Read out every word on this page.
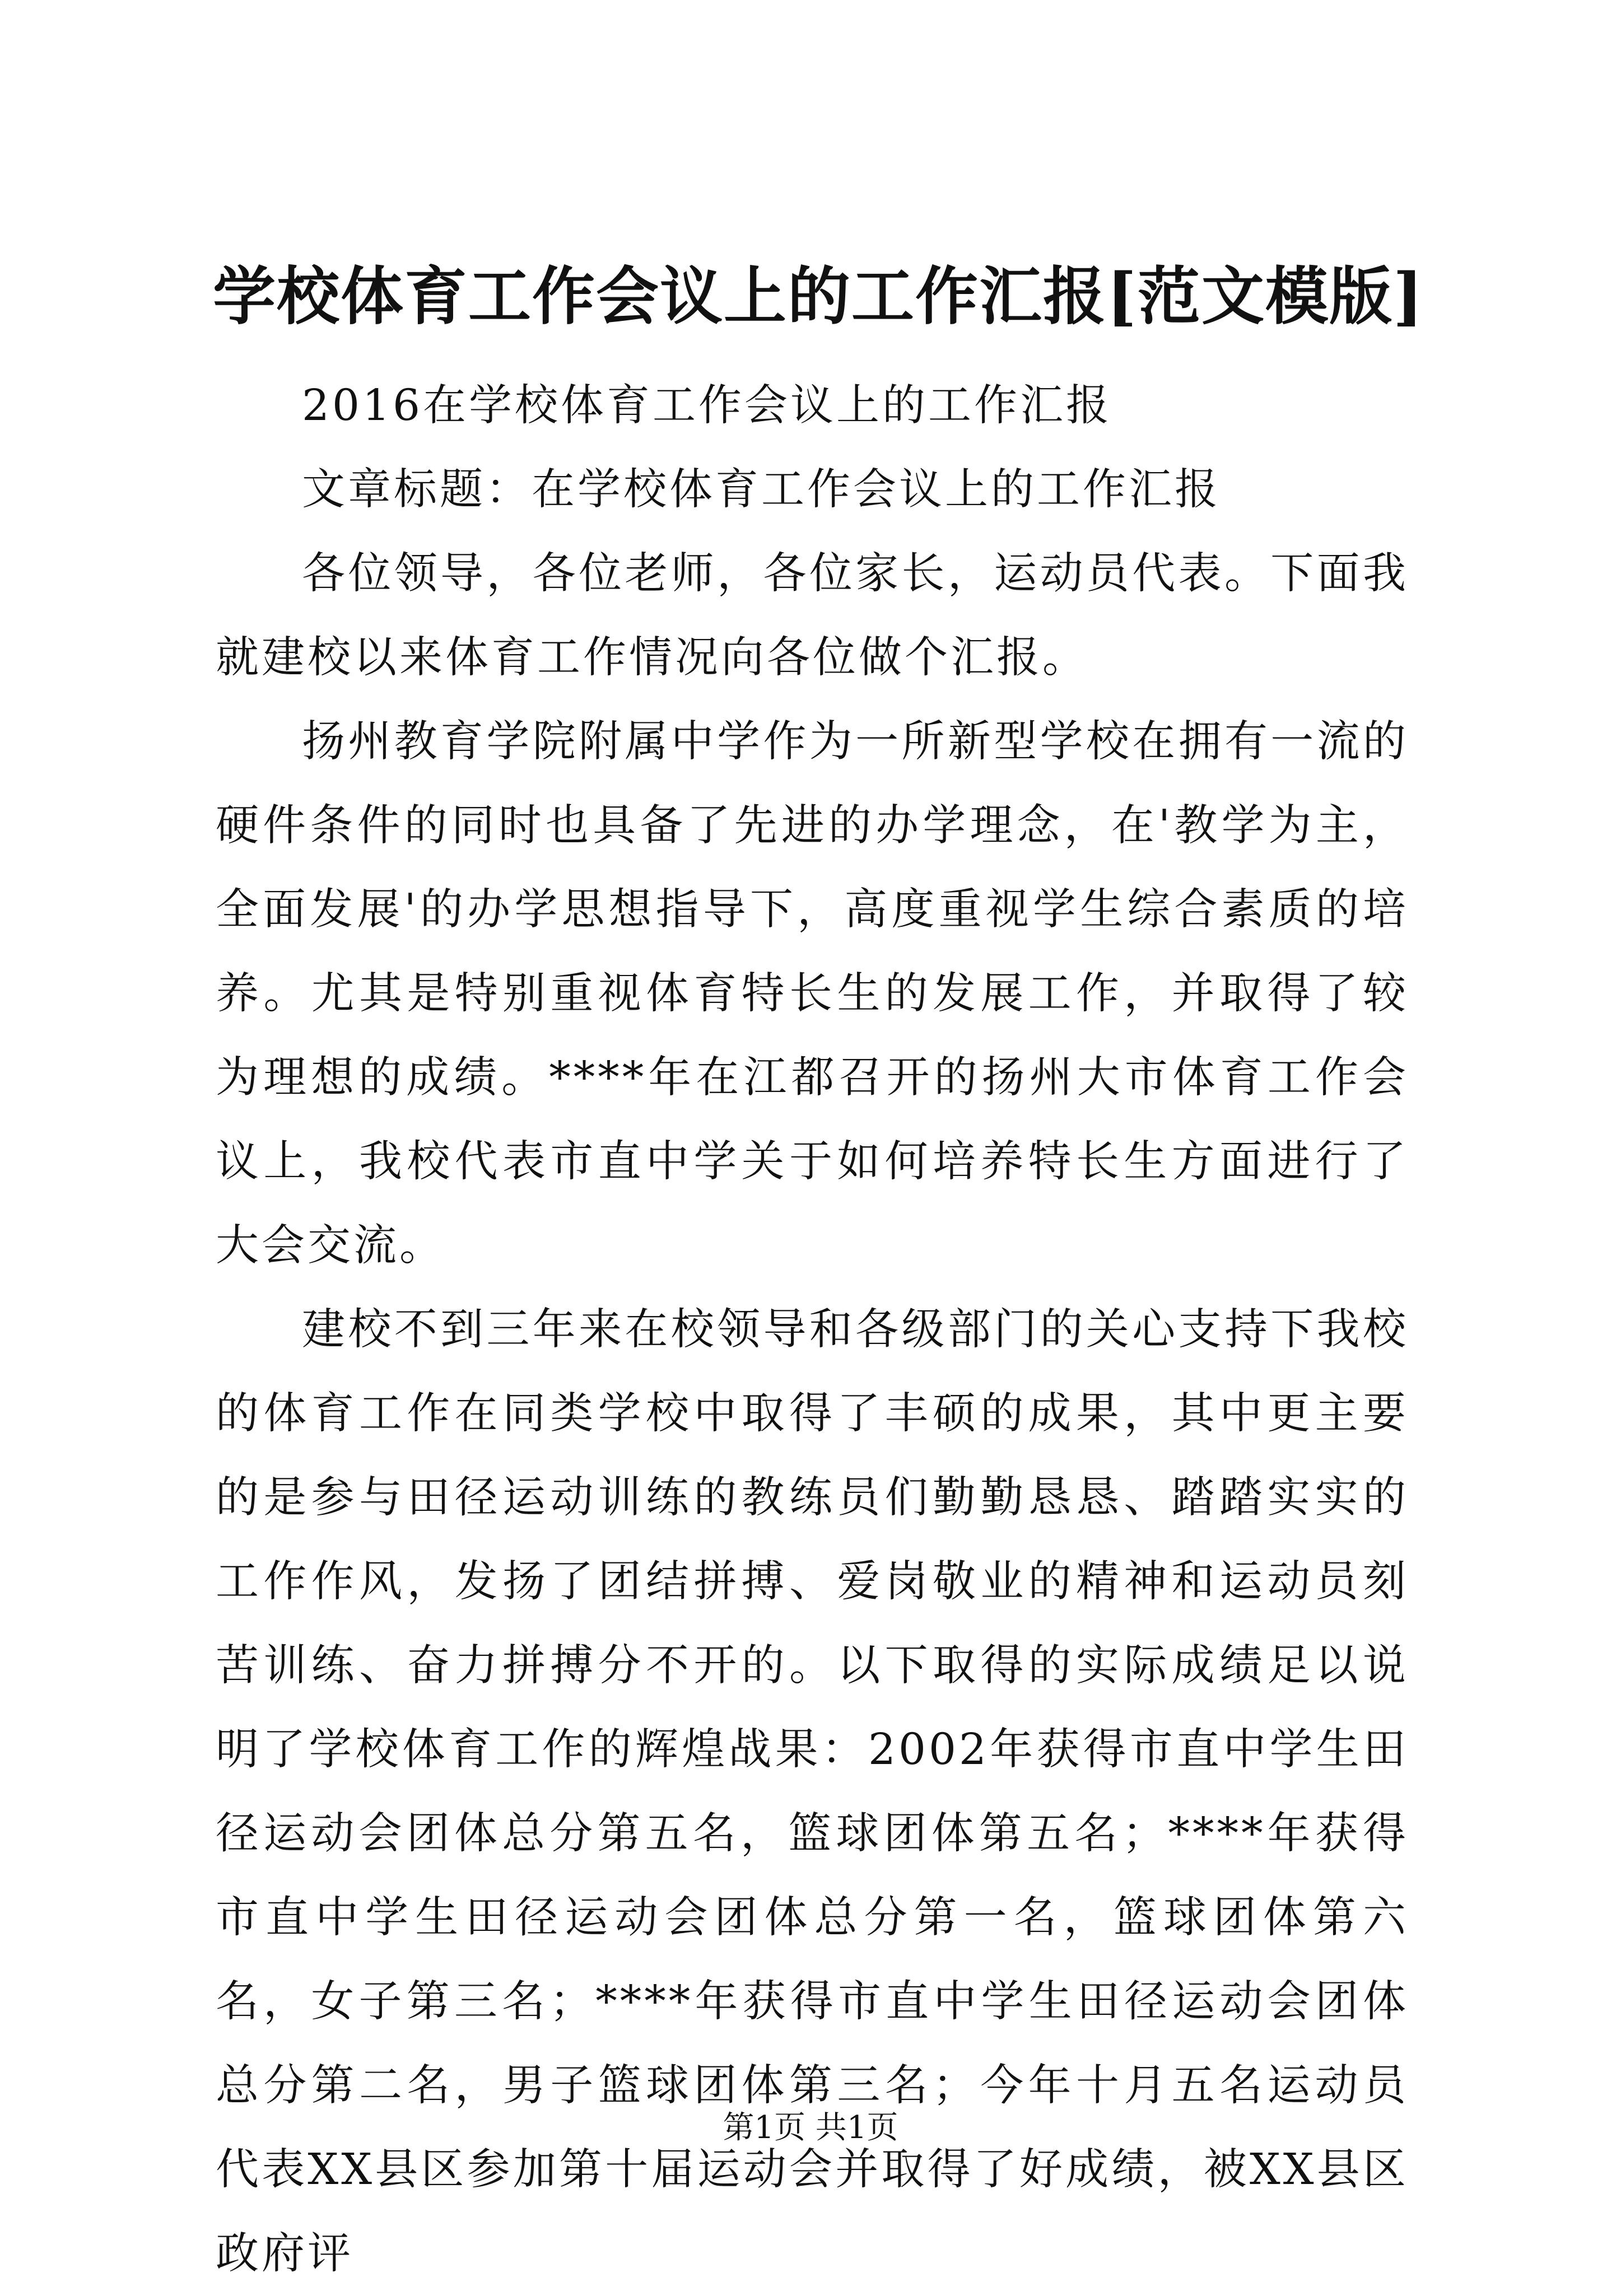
学校体育工作会议上的工作汇报[范文模版]

2016在学校体育工作会议上的工作汇报

文章标题：在学校体育工作会议上的工作汇报

各位领导，各位老师，各位家长，运动员代表。下面我就建校以来体育工作情况向各位做个汇报。

扬州教育学院附属中学作为一所新型学校在拥有一流的硬件条件的同时也具备了先进的办学理念，在'教学为主，全面发展'的办学思想指导下，高度重视学生综合素质的培养。尤其是特别重视体育特长生的发展工作，并取得了较为理想的成绩。****年在江都召开的扬州大市体育工作会议上，我校代表市直中学关于如何培养特长生方面进行了大会交流。

建校不到三年来在校领导和各级部门的关心支持下我校的体育工作在同类学校中取得了丰硕的成果，其中更主要的是参与田径运动训练的教练员们勤勤恳恳、踏踏实实的工作作风，发扬了团结拼搏、爱岗敬业的精神和运动员刻苦训练、奋力拼搏分不开的。以下取得的实际成绩足以说明了学校体育工作的辉煌战果：2002年获得市直中学生田径运动会团体总分第五名，篮球团体第五名；****年获得市直中学生田径运动会团体总分第一名，篮球团体第六名，女子第三名；****年获得市直中学生田径运动会团体总分第二名，男子篮球团体第三名；今年十月五名运动员代表XX县区参加第十届运动会并取得了好成绩，被XX县区政府评

第1页 共1页
